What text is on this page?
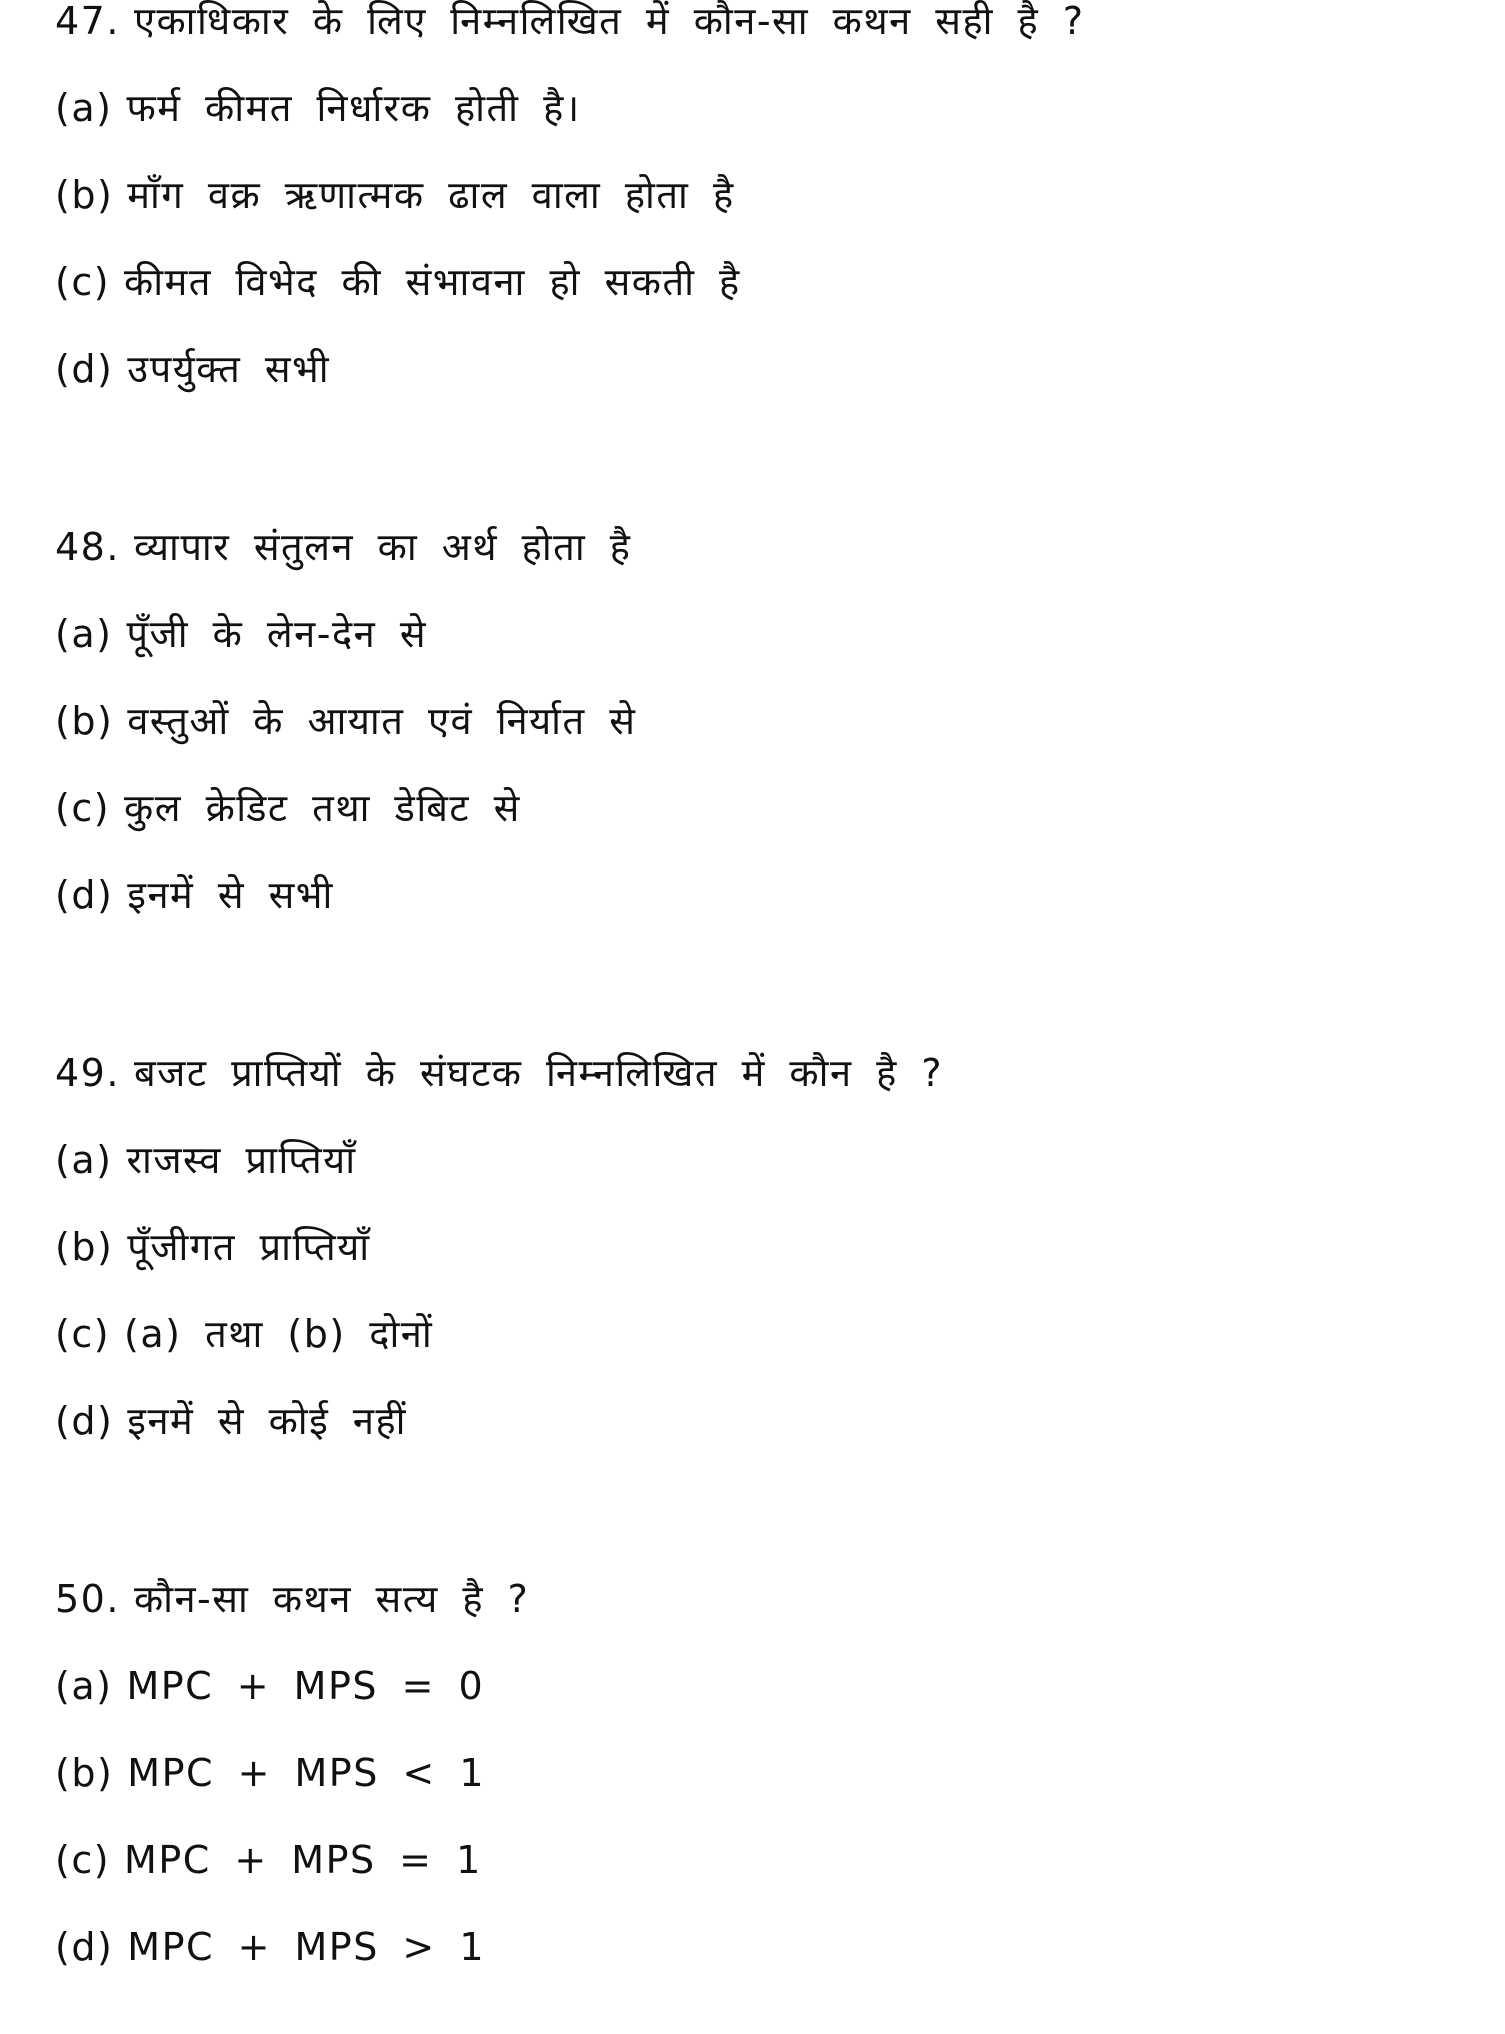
47. एकाधिकार के लिए निम्नलिखित में कौन-सा कथन सही है ?
(a) फर्म कीमत निर्धारक होती है।
(b) माँग वक्र ऋणात्मक ढाल वाला होता है
(c) कीमत विभेद की संभावना हो सकती है
(d) उपर्युक्त सभी
48. व्यापार संतुलन का अर्थ होता है
(a) पूँजी के लेन-देन से
(b) वस्तुओं के आयात एवं निर्यात से
(c) कुल क्रेडिट तथा डेबिट से
(d) इनमें से सभी
49. बजट प्राप्तियों के संघटक निम्नलिखित में कौन है ?
(a) राजस्व प्राप्तियाँ
(b) पूँजीगत प्राप्तियाँ
(c) (a) तथा (b) दोनों
(d) इनमें से कोई नहीं
50. कौन-सा कथन सत्य है ?
(a) MPC + MPS = 0
(b) MPC + MPS < 1
(c) MPC + MPS = 1
(d) MPC + MPS > 1
